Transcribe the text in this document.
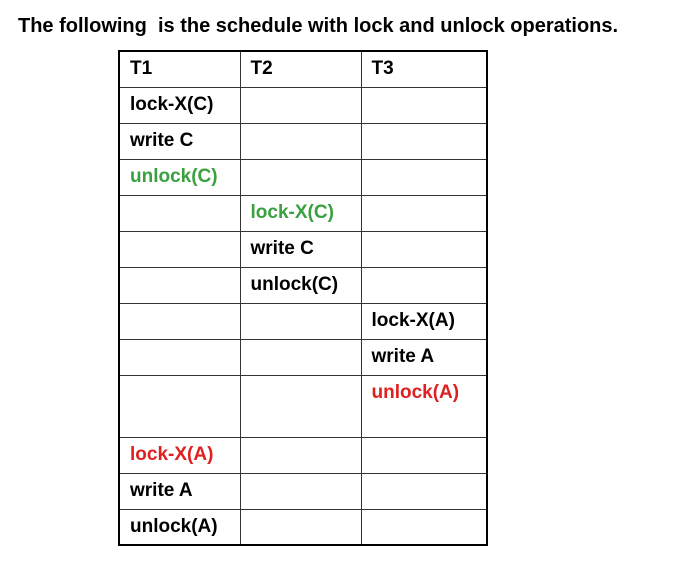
The following  is the schedule with lock and unlock operations.
T1	T2	T3
lock-X(C)		
write C		
unlock(C)		
	lock-X(C)	
	write C	
	unlock(C)	
		lock-X(A)
		write A
		unlock(A)
lock-X(A)		
write A		
unlock(A)		
